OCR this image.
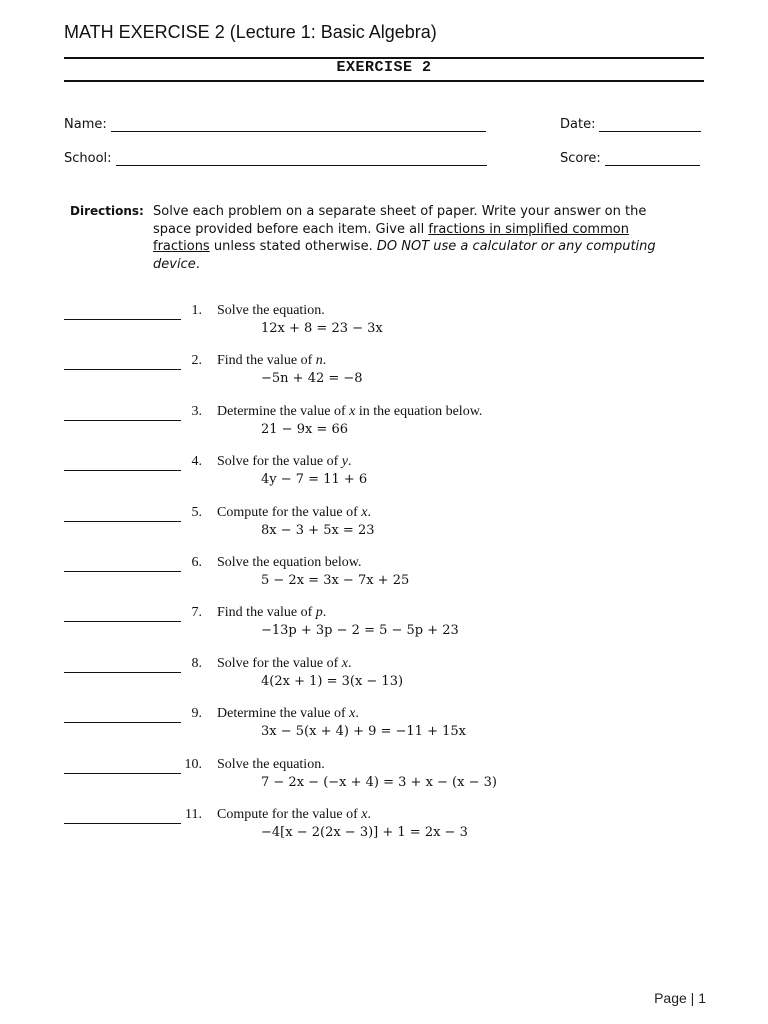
MATH EXERCISE 2 (Lecture 1: Basic Algebra)
EXERCISE 2
Name:	Date:
School:	Score:
Directions: Solve each problem on a separate sheet of paper. Write your answer on the space provided before each item. Give all fractions in simplified common fractions unless stated otherwise. DO NOT use a calculator or any computing device.
1. Solve the equation.
12x + 8 = 23 − 3x
2. Find the value of n.
−5n + 42 = −8
3. Determine the value of x in the equation below.
21 − 9x = 66
4. Solve for the value of y.
4y − 7 = 11 + 6
5. Compute for the value of x.
8x − 3 + 5x = 23
6. Solve the equation below.
5 − 2x = 3x − 7x + 25
7. Find the value of p.
−13p + 3p − 2 = 5 − 5p + 23
8. Solve for the value of x.
4(2x + 1) = 3(x − 13)
9. Determine the value of x.
3x − 5(x + 4) + 9 = −11 + 15x
10. Solve the equation.
7 − 2x − (−x + 4) = 3 + x − (x − 3)
11. Compute for the value of x.
−4[x − 2(2x − 3)] + 1 = 2x − 3
Page | 1
